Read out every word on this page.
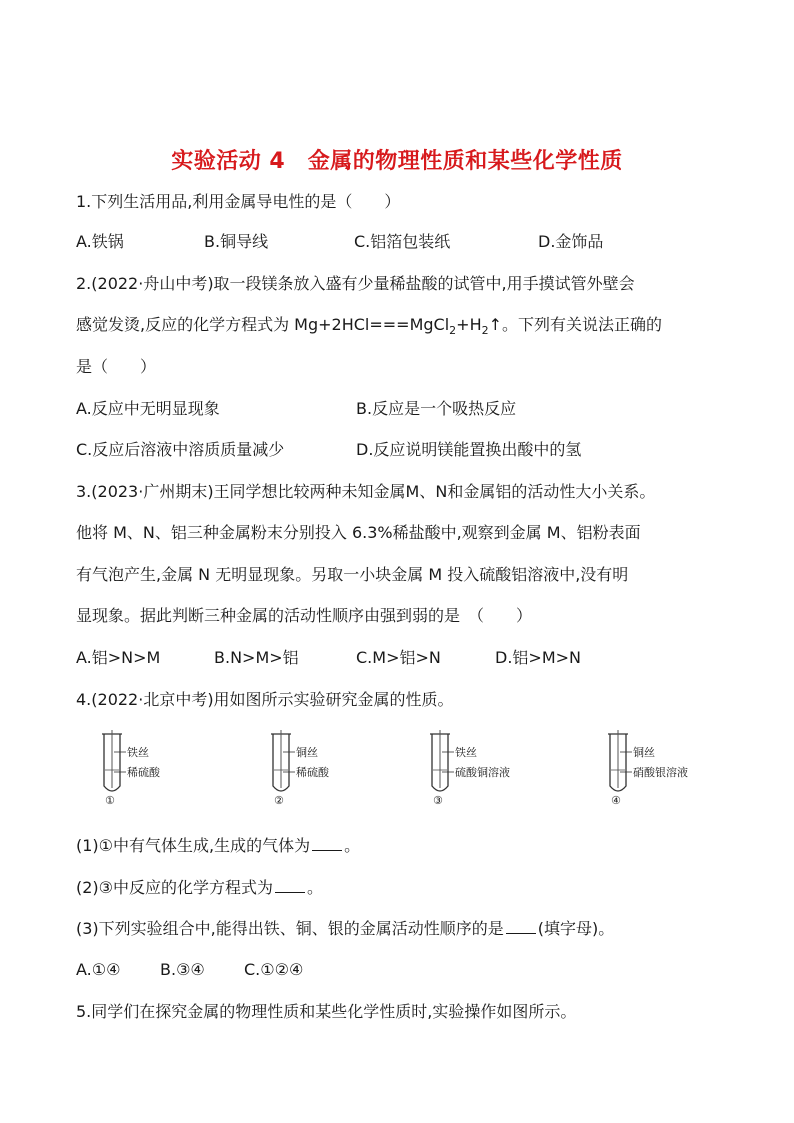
实验活动 4　金属的物理性质和某些化学性质
1.下列生活用品,利用金属导电性的是（　　）
A.铁锅	B.铜导线	C.铝箔包装纸	D.金饰品
2.(2022·舟山中考)取一段镁条放入盛有少量稀盐酸的试管中,用手摸试管外壁会
感觉发烫,反应的化学方程式为 $Mg+2HCl===MgCl_2+H_2↑$。下列有关说法正确的
是（　　）
A.反应中无明显现象	B.反应是一个吸热反应
C.反应后溶液中溶质质量减少	D.反应说明镁能置换出酸中的氢
3.(2023·广州期末)王同学想比较两种未知金属M、N和金属铝的活动性大小关系。
他将 M、N、铝三种金属粉末分别投入 6.3%稀盐酸中,观察到金属 M、铝粉表面
有气泡产生,金属 N 无明显现象。另取一小块金属 M 投入硫酸铝溶液中,没有明
显现象。据此判断三种金属的活动性顺序由强到弱的是　（　　）
A.铝>N>M	B.N>M>铝	C.M>铝>N	D.铝>M>N
4.(2022·北京中考)用如图所示实验研究金属的性质。
铁丝
稀硫酸
①
铜丝
稀硫酸
②
铁丝
硫酸铜溶液
③
铜丝
硝酸银溶液
④
(1)①中有气体生成,生成的气体为 。
(2)③中反应的化学方程式为 。
(3)下列实验组合中,能得出铁、铜、银的金属活动性顺序的是 (填字母)。
A.①④ B.③④ C.①②④
5.同学们在探究金属的物理性质和某些化学性质时,实验操作如图所示。
